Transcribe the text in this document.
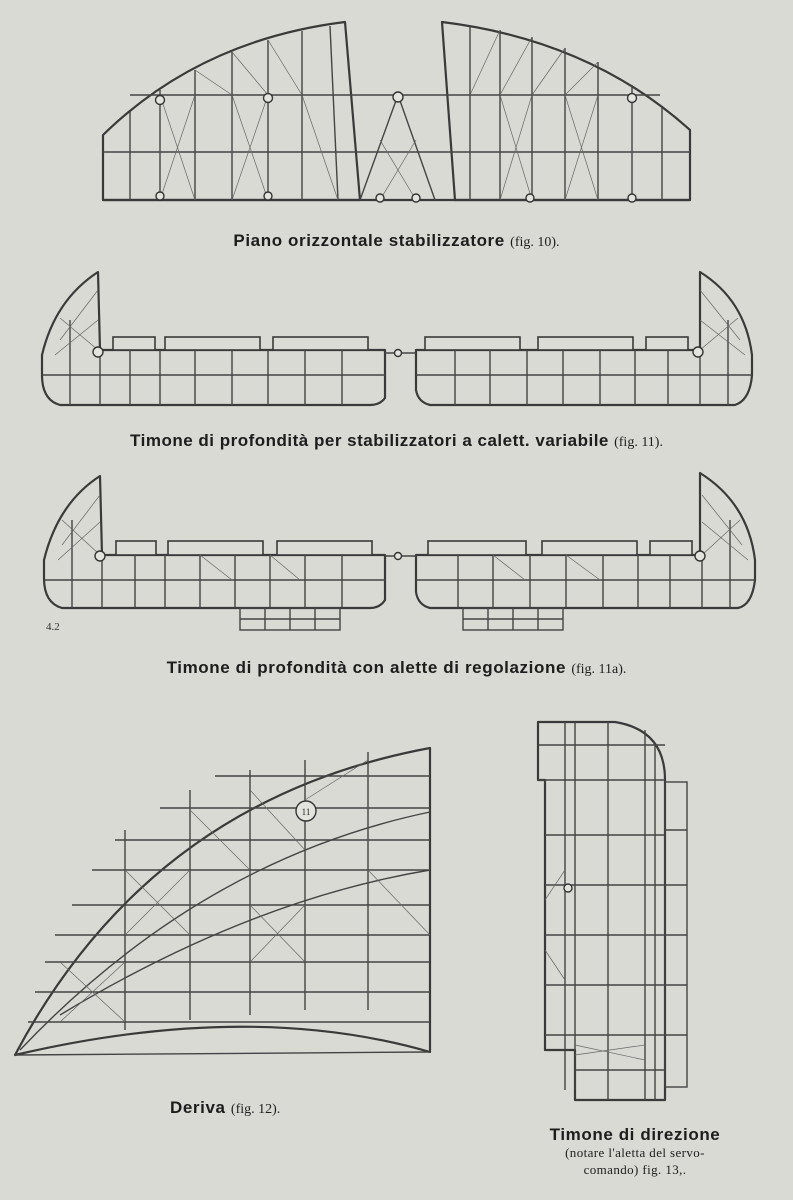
Piano orizzontale stabilizzatore (fig. 10).
Timone di profondità per stabilizzatori a calett. variabile (fig. 11).
4.2
Timone di profondità con alette di regolazione (fig. 11a).
Deriva (fig. 12).
Timone di direzione
(notare l'aletta del servo-
comando) fig. 13,.
11
